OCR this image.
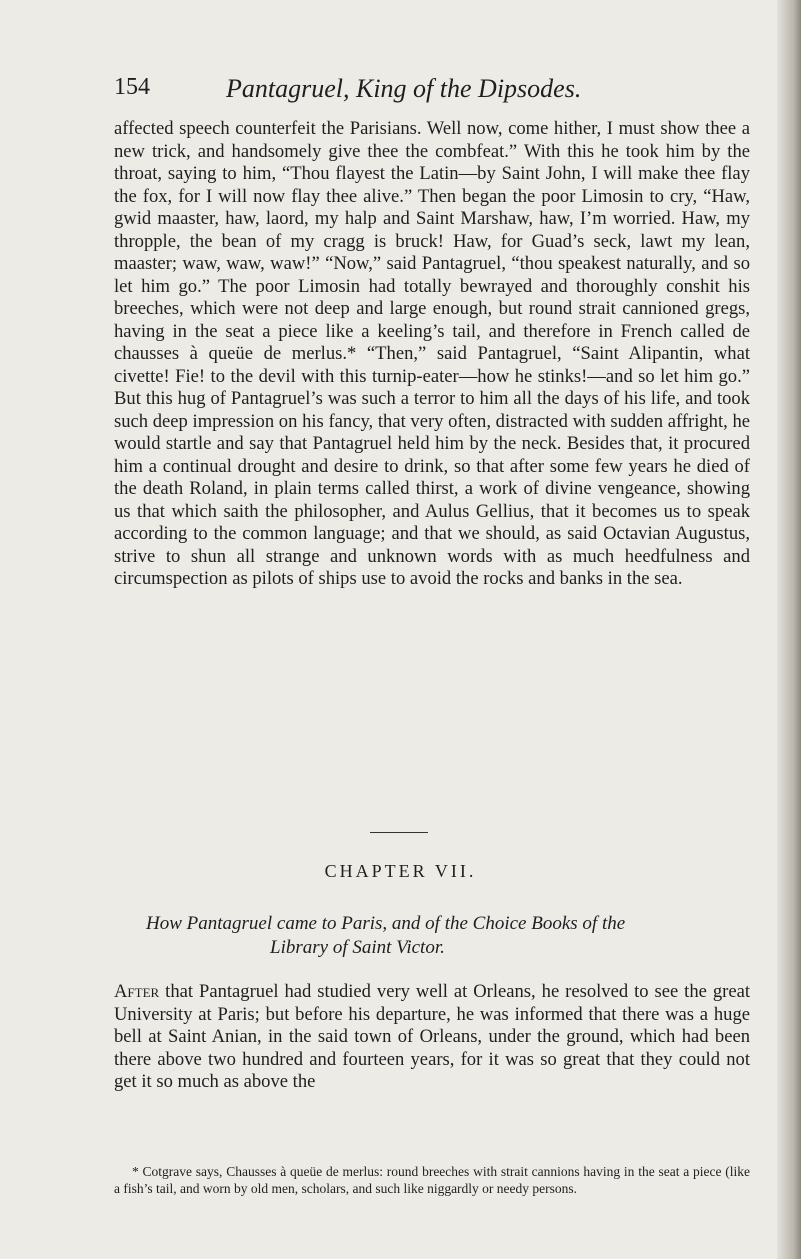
154	Pantagruel, King of the Dipsodes.

affected speech counterfeit the Parisians. Well now, come hither, I must show thee a new trick, and handsomely give thee the combfeat.” With this he took him by the throat, saying to him, “Thou flayest the Latin—by Saint John, I will make thee flay the fox, for I will now flay thee alive.” Then began the poor Limosin to cry, “Haw, gwid maaster, haw, laord, my halp and Saint Marshaw, haw, I’m worried. Haw, my thropple, the bean of my cragg is bruck! Haw, for Guad’s seck, lawt my lean, maaster; waw, waw, waw!” “Now,” said Pantagruel, “thou speakest naturally, and so let him go.” The poor Limosin had totally bewrayed and thoroughly conshit his breeches, which were not deep and large enough, but round strait cannioned gregs, having in the seat a piece like a keeling’s tail, and therefore in French called de chausses à queüe de merlus.* “Then,” said Pantagruel, “Saint Alipantin, what civette! Fie! to the devil with this turnip-eater—how he stinks!—and so let him go.” But this hug of Pantagruel’s was such a terror to him all the days of his life, and took such deep impression on his fancy, that very often, distracted with sudden affright, he would startle and say that Pantagruel held him by the neck. Besides that, it procured him a continual drought and desire to drink, so that after some few years he died of the death Roland, in plain terms called thirst, a work of divine vengeance, showing us that which saith the philosopher, and Aulus Gellius, that it becomes us to speak according to the common language; and that we should, as said Octavian Augustus, strive to shun all strange and unknown words with as much heedfulness and circumspection as pilots of ships use to avoid the rocks and banks in the sea.

CHAPTER VII.
How Pantagruel came to Paris, and of the Choice Books of the
Library of Saint Victor.

After that Pantagruel had studied very well at Orleans, he resolved to see the great University at Paris; but before his departure, he was informed that there was a huge bell at Saint Anian, in the said town of Orleans, under the ground, which had been there above two hundred and fourteen years, for it was so great that they could not get it so much as above the

* Cotgrave says, Chausses à queüe de merlus: round breeches with strait cannions having in the seat a piece (like a fish’s tail, and worn by old men, scholars, and such like niggardly or needy persons.
